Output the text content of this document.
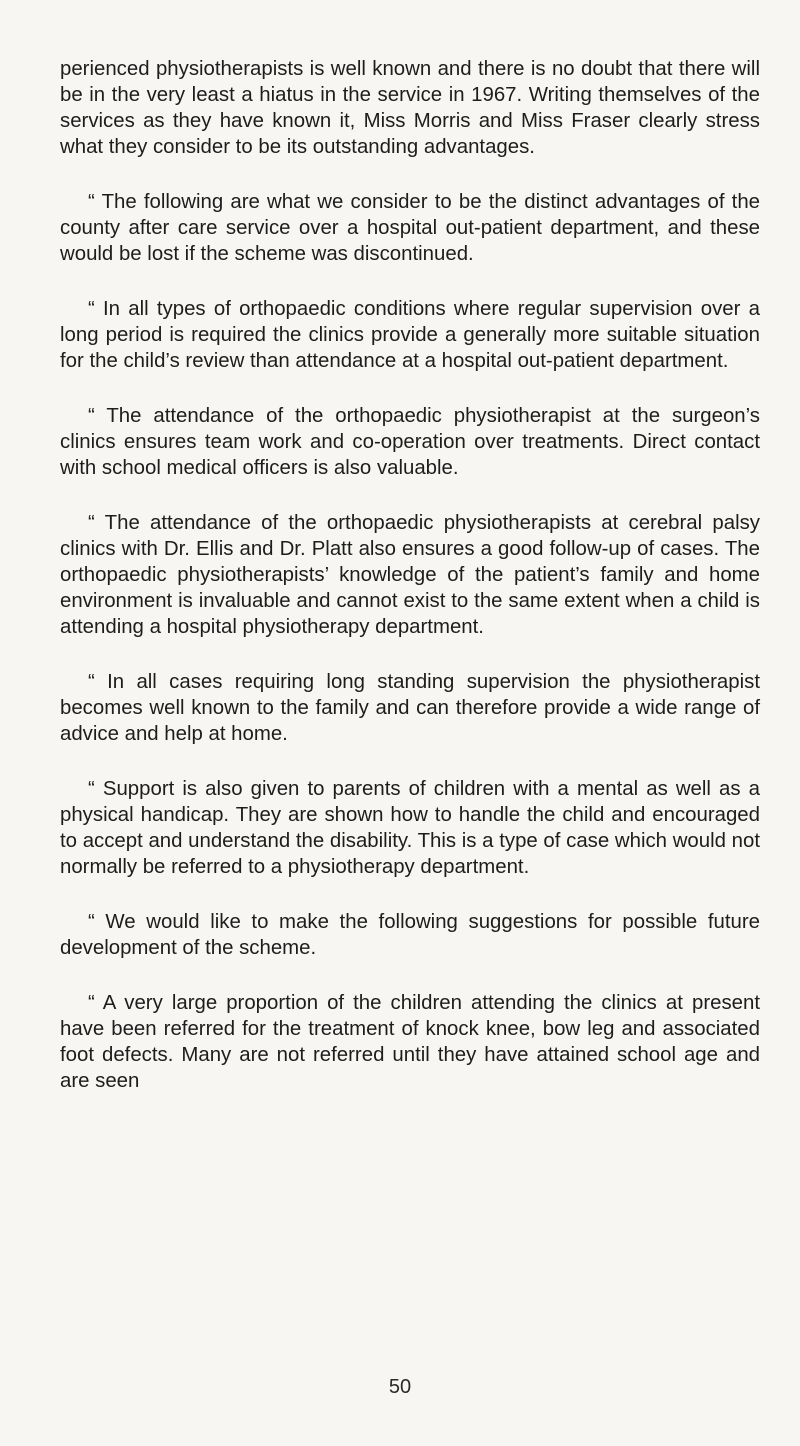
perienced physiotherapists is well known and there is no doubt that there will be in the very least a hiatus in the service in 1967. Writing themselves of the services as they have known it, Miss Morris and Miss Fraser clearly stress what they consider to be its outstanding advantages.

“ The following are what we consider to be the distinct advantages of the county after care service over a hospital out-patient department, and these would be lost if the scheme was discontinued.

“ In all types of orthopaedic conditions where regular supervision over a long period is required the clinics provide a generally more suitable situation for the child’s review than attendance at a hospital out-patient department.

“ The attendance of the orthopaedic physiotherapist at the surgeon’s clinics ensures team work and co-operation over treatments. Direct contact with school medical officers is also valuable.

“ The attendance of the orthopaedic physiotherapists at cerebral palsy clinics with Dr. Ellis and Dr. Platt also ensures a good follow-up of cases. The orthopaedic physiotherapists’ knowledge of the patient’s family and home environment is invaluable and cannot exist to the same extent when a child is attending a hospital physiotherapy department.

“ In all cases requiring long standing supervision the physiotherapist becomes well known to the family and can therefore provide a wide range of advice and help at home.

“ Support is also given to parents of children with a mental as well as a physical handicap. They are shown how to handle the child and encouraged to accept and understand the disability. This is a type of case which would not normally be referred to a physiotherapy department.

“ We would like to make the following suggestions for possible future development of the scheme.

“ A very large proportion of the children attending the clinics at present have been referred for the treatment of knock knee, bow leg and associated foot defects. Many are not referred until they have attained school age and are seen

50
